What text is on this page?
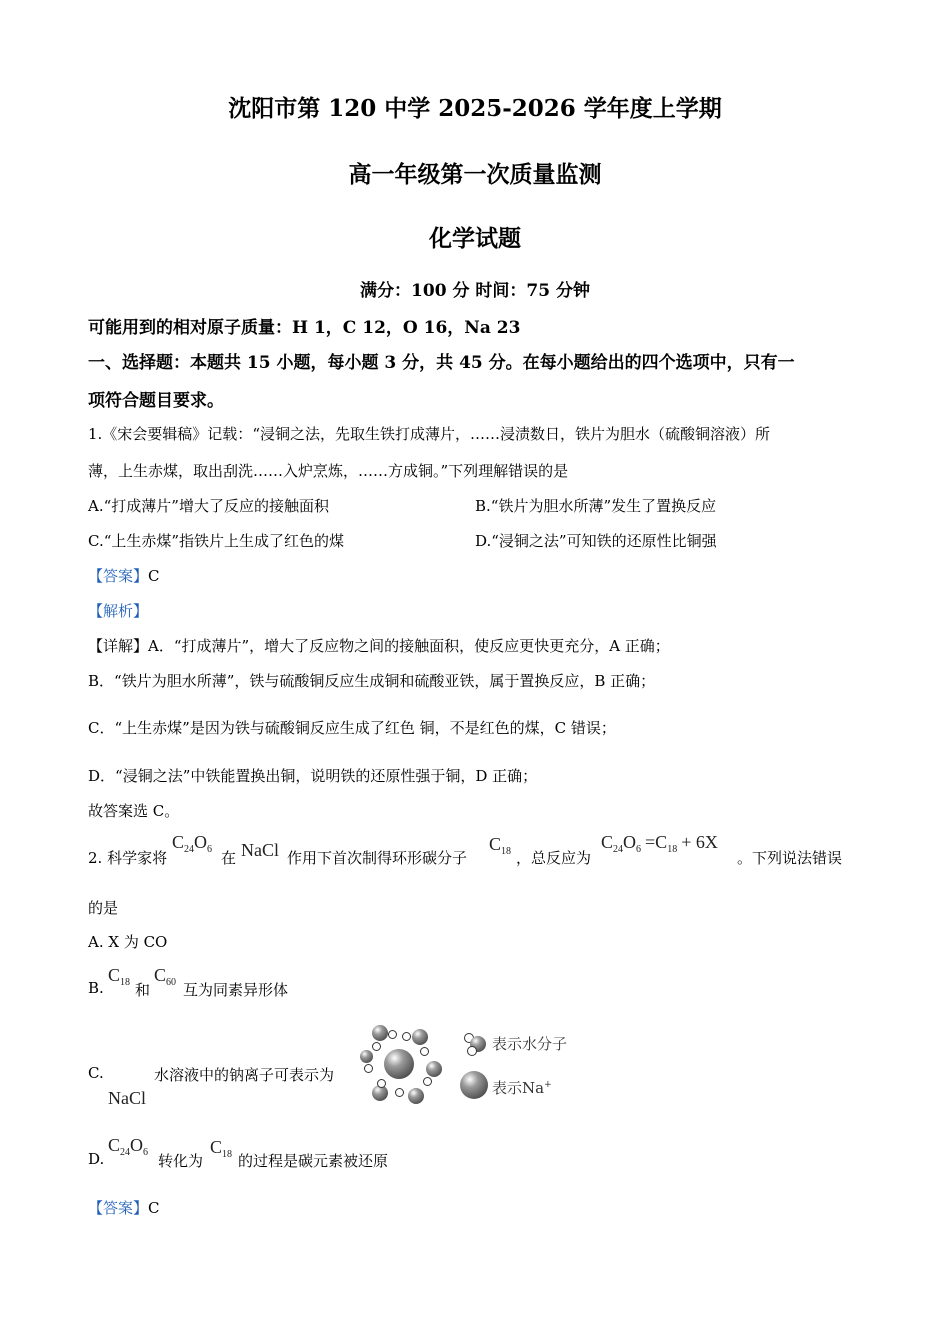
沈阳市第 120 中学 2025-2026 学年度上学期
高一年级第一次质量监测
化学试题
满分：100 分 时间：75 分钟
可能用到的相对原子质量：H 1，C 12，O 16，Na 23
一、选择题：本题共 15 小题，每小题 3 分，共 45 分。在每小题给出的四个选项中，只有一
项符合题目要求。
1.《宋会要辑稿》记载：“浸铜之法，先取生铁打成薄片，……浸渍数日，铁片为胆水（硫酸铜溶液）所
薄，上生赤煤，取出刮洗……入炉烹炼，……方成铜。”下列理解错误的是
A.“打成薄片”增大了反应的接触面积	B.“铁片为胆水所薄”发生了置换反应
C.“上生赤煤”指铁片上生成了红色的煤	D.“浸铜之法”可知铁的还原性比铜强
【答案】C
【解析】
【详解】A．“打成薄片”，增大了反应物之间的接触面积，使反应更快更充分，A 正确；
B．“铁片为胆水所薄”，铁与硫酸铜反应生成铜和硫酸亚铁，属于置换反应，B 正确；
C．“上生赤煤”是因为铁与硫酸铜反应生成了红色 铜，不是红色的煤，C 错误；
D．“浸铜之法”中铁能置换出铜，说明铁的还原性强于铜，D 正确；
故答案选 C。
2. 科学家将
$C_{24}O_6$ 在 NaCl 作用下首次制得环形碳分子
$C_{18}$ ，总反应为
$C_{24}O_6 =C_{18} + 6X$
。下列说法错误
的是
A. X 为 CO
B.
$C_{18}$ 和
$C_{60}$ 互为同素异形体
C.
NaCl
水溶液中的钠离子可表示为
表示水分子
表示Na+
D.
$C_{24}O_6$ 转化为
$C_{18}$ 的过程是碳元素被还原
【答案】C
